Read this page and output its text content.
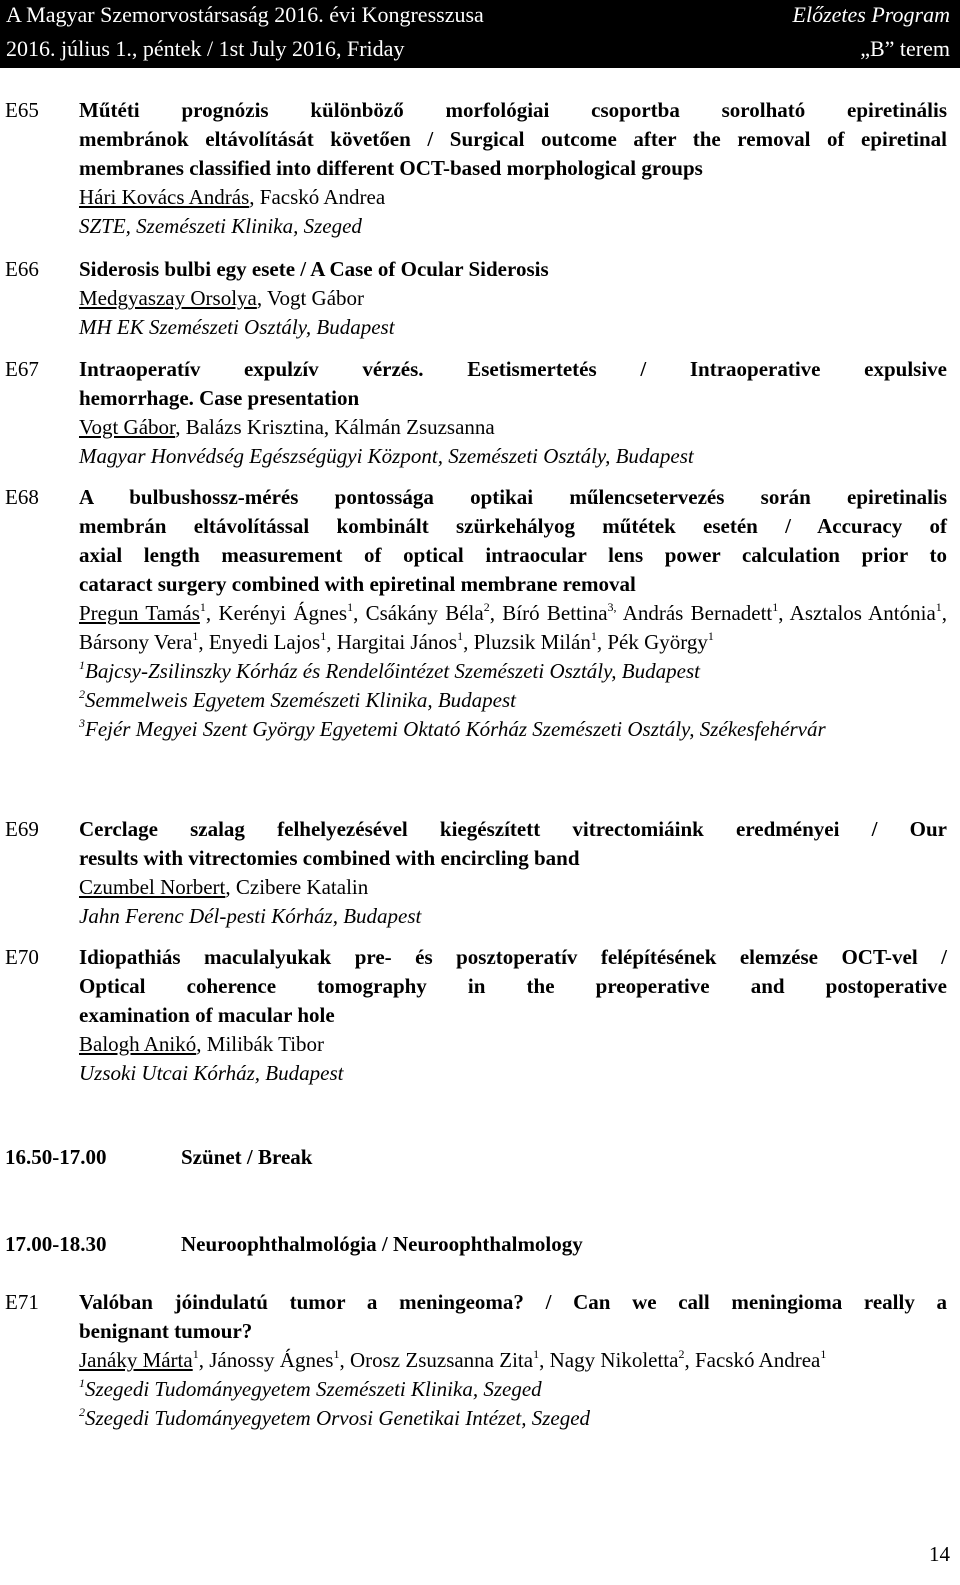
A Magyar Szemorvostársaság 2016. évi Kongresszusa	Előzetes Program
2016. július 1., péntek / 1st July 2016, Friday	„B” terem
E65 Műtéti prognózis különböző morfológiai csoportba sorolható epiretinális
membránok eltávolítását követően / Surgical outcome after the removal of epiretinal
membranes classified into different OCT-based morphological groups
Hári Kovács András, Facskó Andrea
SZTE, Szemészeti Klinika, Szeged
E66 Siderosis bulbi egy esete / A Case of Ocular Siderosis
Medgyaszay Orsolya, Vogt Gábor
MH EK Szemészeti Osztály, Budapest
E67 Intraoperatív expulzív vérzés. Esetismertetés / Intraoperative expulsive
hemorrhage. Case presentation
Vogt Gábor, Balázs Krisztina, Kálmán Zsuzsanna
Magyar Honvédség Egészségügyi Központ, Szemészeti Osztály, Budapest
E68 A bulbushossz-mérés pontossága optikai műlencsetervezés során epiretinalis
membrán eltávolítással kombinált szürkehályog műtétek esetén / Accuracy of
axial length measurement of optical intraocular lens power calculation prior to
cataract surgery combined with epiretinal membrane removal
Pregun Tamás$^1$, Kerényi Ágnes$^1$, Csákány Béla$^2$, Bíró Bettina$^{3,}$ András Bernadett$^1$, Asztalos Antónia$^1$, Bársony Vera$^1$, Enyedi Lajos$^1$, Hargitai János$^1$, Pluzsik Milán$^1$, Pék György$^1$
$^1$Bajcsy-Zsilinszky Kórház és Rendelőintézet Szemészeti Osztály, Budapest
$^2$Semmelweis Egyetem Szemészeti Klinika, Budapest
$^3$Fejér Megyei Szent György Egyetemi Oktató Kórház Szemészeti Osztály, Székesfehérvár
E69 Cerclage szalag felhelyezésével kiegészített vitrectomiáink eredményei / Our
results with vitrectomies combined with encircling band
Czumbel Norbert, Czibere Katalin
Jahn Ferenc Dél-pesti Kórház, Budapest
E70 Idiopathiás maculalyukak pre- és posztoperatív felépítésének elemzése OCT-vel /
Optical coherence tomography in the preoperative and postoperative
examination of macular hole
Balogh Anikó, Milibák Tibor
Uzsoki Utcai Kórház, Budapest
16.50-17.00	Szünet / Break
17.00-18.30	Neuroophthalmológia / Neuroophthalmology
E71 Valóban jóindulatú tumor a meningeoma? / Can we call meningioma really a
benignant tumour?
Janáky Márta$^1$, Jánossy Ágnes$^1$, Orosz Zsuzsanna Zita$^1$, Nagy Nikoletta$^2$, Facskó Andrea$^1$
$^1$Szegedi Tudományegyetem Szemészeti Klinika, Szeged
$^2$Szegedi Tudományegyetem Orvosi Genetikai Intézet, Szeged
14
